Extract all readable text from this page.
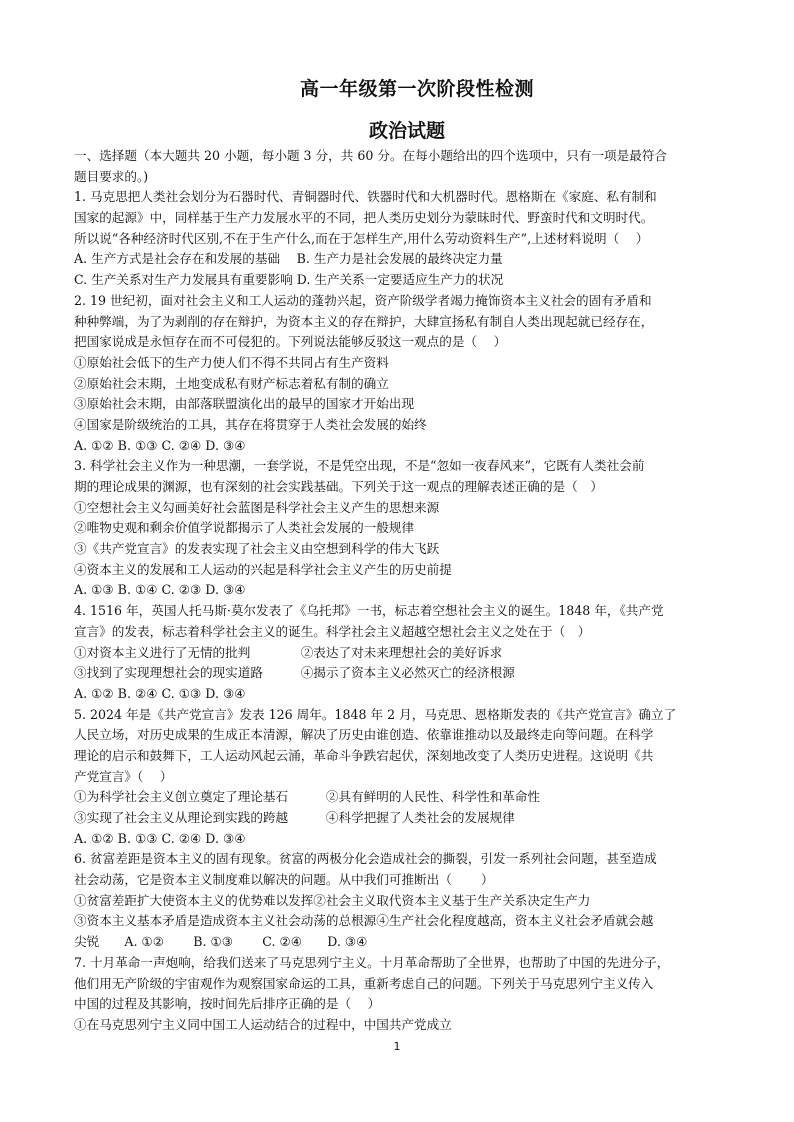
高一年级第一次阶段性检测
政治试题
一、选择题（本大题共 20 小题，每小题 3 分，共 60 分。在每小题给出的四个选项中，只有一项是最符合
题目要求的。)
1. 马克思把人类社会划分为石器时代、青铜器时代、铁器时代和大机器时代。恩格斯在《家庭、私有制和
国家的起源》中，同样基于生产力发展水平的不同，把人类历史划分为蒙昧时代、野蛮时代和文明时代。
所以说“各种经济时代区别,不在于生产什么,而在于怎样生产,用什么劳动资料生产”,上述材料说明（　 ）
A. 生产方式是社会存在和发展的基础　 B. 生产力是社会发展的最终决定力量
C. 生产关系对生产力发展具有重要影响 D. 生产关系一定要适应生产力的状况
2. 19 世纪初，面对社会主义和工人运动的蓬勃兴起，资产阶级学者竭力掩饰资本主义社会的固有矛盾和
种种弊端，为了为剥削的存在辩护，为资本主义的存在辩护，大肆宣扬私有制自人类出现起就已经存在，
把国家说成是永恒存在而不可侵犯的。下列说法能够反驳这一观点的是（　 ）
①原始社会低下的生产力使人们不得不共同占有生产资料
②原始社会末期，土地变成私有财产标志着私有制的确立
③原始社会末期，由部落联盟演化出的最早的国家才开始出现
④国家是阶级统治的工具，其存在将贯穿于人类社会发展的始终
A. ①② B. ①③ C. ②④ D. ③④
3. 科学社会主义作为一种思潮，一套学说，不是凭空出现，不是“忽如一夜春风来”，它既有人类社会前
期的理论成果的渊源，也有深刻的社会实践基础。下列关于这一观点的理解表述正确的是（　）
①空想社会主义勾画美好社会蓝图是科学社会主义产生的思想来源
②唯物史观和剩余价值学说都揭示了人类社会发展的一般规律
③《共产党宣言》的发表实现了社会主义由空想到科学的伟大飞跃
④资本主义的发展和工人运动的兴起是科学社会主义产生的历史前提
A. ①③ B. ①④ C. ②③ D. ③④
4. 1516 年，英国人托马斯·莫尔发表了《乌托邦》一书，标志着空想社会主义的诞生。1848 年，《共产党
宣言》的发表，标志着科学社会主义的诞生。科学社会主义超越空想社会主义之处在于（　）
①对资本主义进行了无情的批判　　　　②表达了对未来理想社会的美好诉求
③找到了实现理想社会的现实道路　　　④揭示了资本主义必然灭亡的经济根源
A. ①② B. ②④ C. ①③ D. ③④
5. 2024 年是《共产党宣言》发表 126 周年。1848 年 2 月，马克思、恩格斯发表的《共产党宣言》确立了
人民立场，对历史成果的生成正本清源，解决了历史由谁创造、依靠谁推动以及最终走向等问题。在科学
理论的启示和鼓舞下，工人运动风起云涌，革命斗争跌宕起伏，深刻地改变了人类历史进程。这说明《共
产党宣言》（　 ）
①为科学社会主义创立奠定了理论基石　　　②具有鲜明的人民性、科学性和革命性
③实现了社会主义从理论到实践的跨越　　　④科学把握了人类社会的发展规律
A. ①② B. ①③ C. ②④ D. ③④
6. 贫富差距是资本主义的固有现象。贫富的两极分化会造成社会的撕裂，引发一系列社会问题，甚至造成
社会动荡，它是资本主义制度难以解决的问题。从中我们可推断出（　　 ）
①贫富差距扩大使资本主义的优势难以发挥②社会主义取代资本主义基于生产关系决定生产力
③资本主义基本矛盾是造成资本主义社会动荡的总根源④生产社会化程度越高，资本主义社会矛盾就会越
尖锐　　A. ①②　　 B. ①③　　 C. ②④　　D. ③④
7. 十月革命一声炮响，给我们送来了马克思列宁主义。十月革命帮助了全世界，也帮助了中国的先进分子，
他们用无产阶级的宇宙观作为观察国家命运的工具，重新考虑自己的问题。下列关于马克思列宁主义传入
中国的过程及其影响，按时间先后排序正确的是（　 ）
①在马克思列宁主义同中国工人运动结合的过程中，中国共产党成立
1
